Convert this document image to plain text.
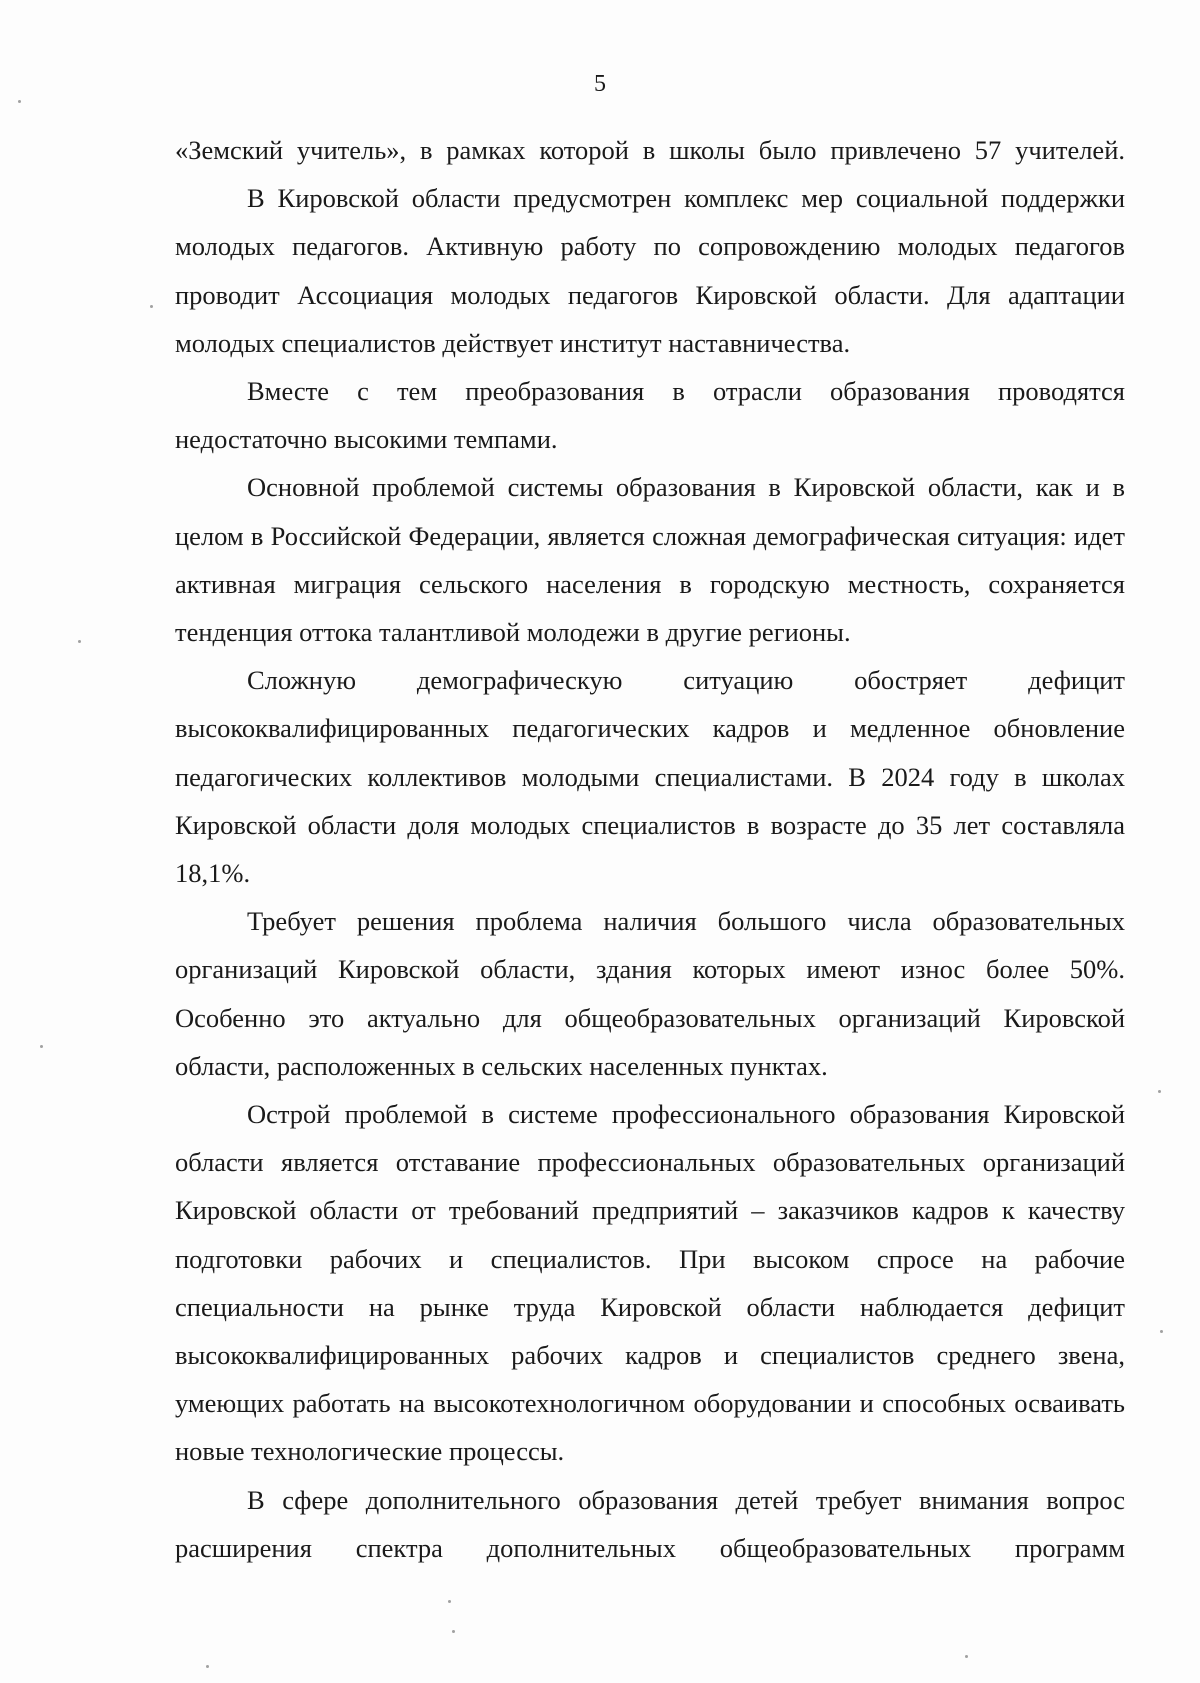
5

«Земский учитель», в рамках которой в школы было привлечено 57 учителей.

В Кировской области предусмотрен комплекс мер социальной поддержки молодых педагогов. Активную работу по сопровождению молодых педагогов проводит Ассоциация молодых педагогов Кировской области. Для адаптации молодых специалистов действует институт наставничества.

Вместе с тем преобразования в отрасли образования проводятся недостаточно высокими темпами.

Основной проблемой системы образования в Кировской области, как и в целом в Российской Федерации, является сложная демографическая ситуация: идет активная миграция сельского населения в городскую местность, сохраняется тенденция оттока талантливой молодежи в другие регионы.

Сложную демографическую ситуацию обостряет дефицит высококвалифицированных педагогических кадров и медленное обновление педагогических коллективов молодыми специалистами. В 2024 году в школах Кировской области доля молодых специалистов в возрасте до 35 лет составляла 18,1%.

Требует решения проблема наличия большого числа образовательных организаций Кировской области, здания которых имеют износ более 50%. Особенно это актуально для общеобразовательных организаций Кировской области, расположенных в сельских населенных пунктах.

Острой проблемой в системе профессионального образования Кировской области является отставание профессиональных образовательных организаций Кировской области от требований предприятий – заказчиков кадров к качеству подготовки рабочих и специалистов. При высоком спросе на рабочие специальности на рынке труда Кировской области наблюдается дефицит высококвалифицированных рабочих кадров и специалистов среднего звена, умеющих работать на высокотехнологичном оборудовании и способных осваивать новые технологические процессы.

В сфере дополнительного образования детей требует внимания вопрос расширения спектра дополнительных общеобразовательных программ
